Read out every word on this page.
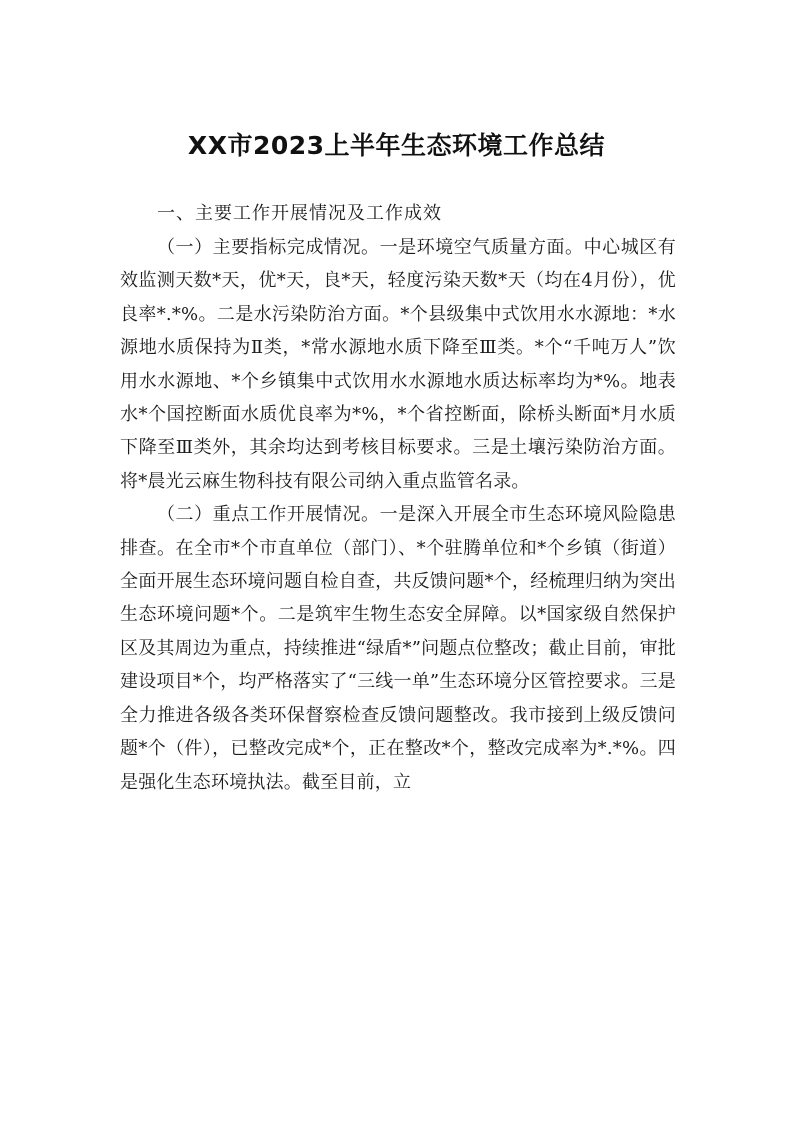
XX市2023上半年生态环境工作总结

一、主要工作开展情况及工作成效

（一）主要指标完成情况。一是环境空气质量方面。中心城区有效监测天数*天，优*天，良*天，轻度污染天数*天（均在4月份），优良率*.*%。二是水污染防治方面。*个县级集中式饮用水水源地：*水源地水质保持为Ⅱ类，*常水源地水质下降至Ⅲ类。*个“千吨万人”饮用水水源地、*个乡镇集中式饮用水水源地水质达标率均为*%。地表水*个国控断面水质优良率为*%，*个省控断面，除桥头断面*月水质下降至Ⅲ类外，其余均达到考核目标要求。三是土壤污染防治方面。将*晨光云麻生物科技有限公司纳入重点监管名录。

（二）重点工作开展情况。一是深入开展全市生态环境风险隐患排查。在全市*个市直单位（部门）、*个驻腾单位和*个乡镇（街道）全面开展生态环境问题自检自查，共反馈问题*个，经梳理归纳为突出生态环境问题*个。二是筑牢生物生态安全屏障。以*国家级自然保护区及其周边为重点，持续推进“绿盾*”问题点位整改；截止目前，审批建设项目*个，均严格落实了“三线一单”生态环境分区管控要求。三是全力推进各级各类环保督察检查反馈问题整改。我市接到上级反馈问题*个（件），已整改完成*个，正在整改*个，整改完成率为*.*%。四是强化生态环境执法。截至目前，立
